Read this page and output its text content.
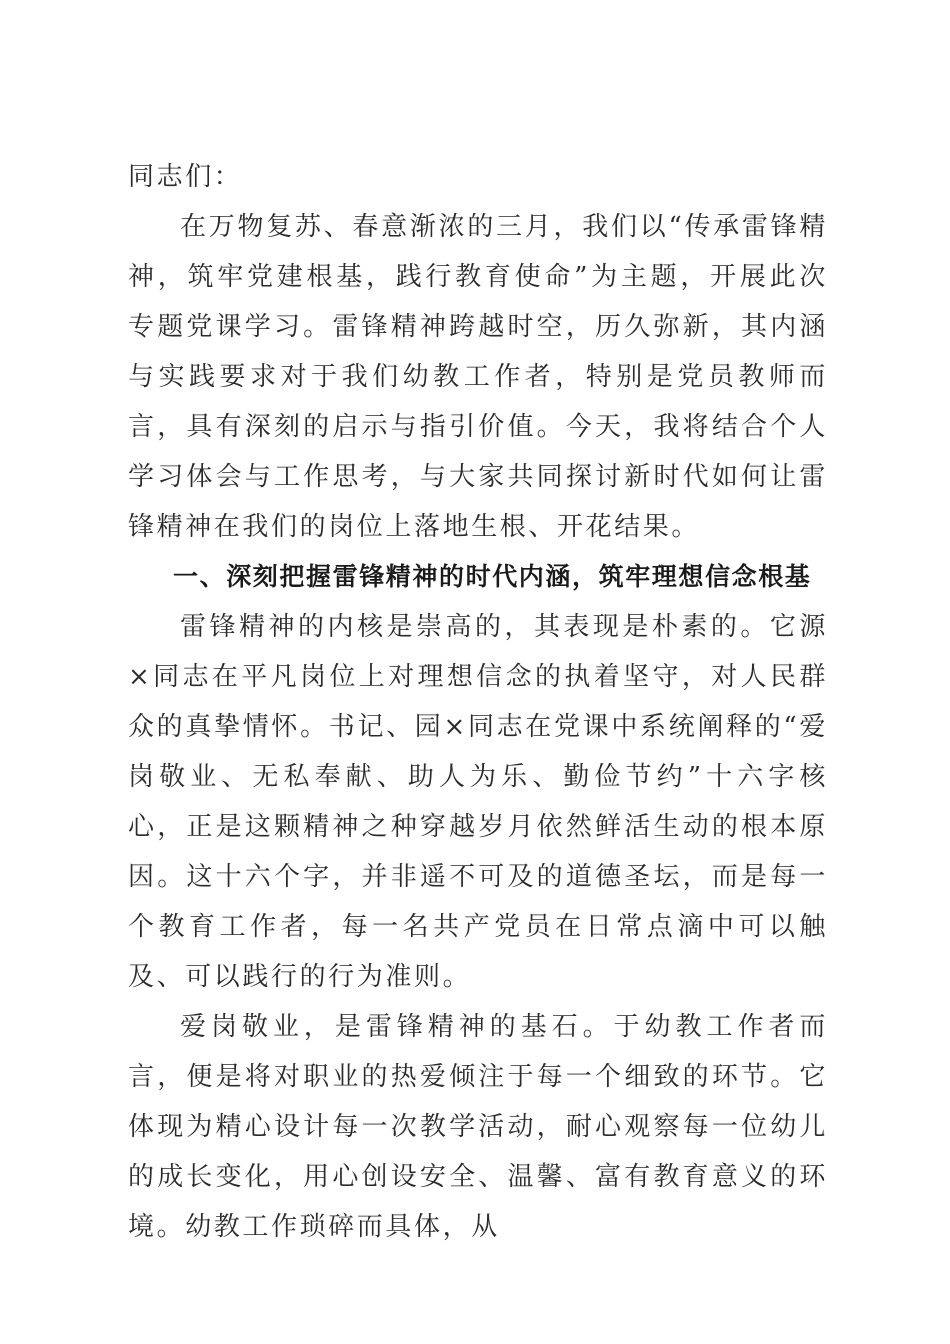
同志们：

在万物复苏、春意渐浓的三月，我们以“传承雷锋精神，筑牢党建根基，践行教育使命”为主题，开展此次专题党课学习。雷锋精神跨越时空，历久弥新，其内涵与实践要求对于我们幼教工作者，特别是党员教师而言，具有深刻的启示与指引价值。今天，我将结合个人学习体会与工作思考，与大家共同探讨新时代如何让雷锋精神在我们的岗位上落地生根、开花结果。

一、深刻把握雷锋精神的时代内涵，筑牢理想信念根基

雷锋精神的内核是崇高的，其表现是朴素的。它源×同志在平凡岗位上对理想信念的执着坚守，对人民群众的真挚情怀。书记、园×同志在党课中系统阐释的“爱岗敬业、无私奉献、助人为乐、勤俭节约”十六字核心，正是这颗精神之种穿越岁月依然鲜活生动的根本原因。这十六个字，并非遥不可及的道德圣坛，而是每一个教育工作者，每一名共产党员在日常点滴中可以触及、可以践行的行为准则。

爱岗敬业，是雷锋精神的基石。于幼教工作者而言，便是将对职业的热爱倾注于每一个细致的环节。它体现为精心设计每一次教学活动，耐心观察每一位幼儿的成长变化，用心创设安全、温馨、富有教育意义的环境。幼教工作琐碎而具体，从
